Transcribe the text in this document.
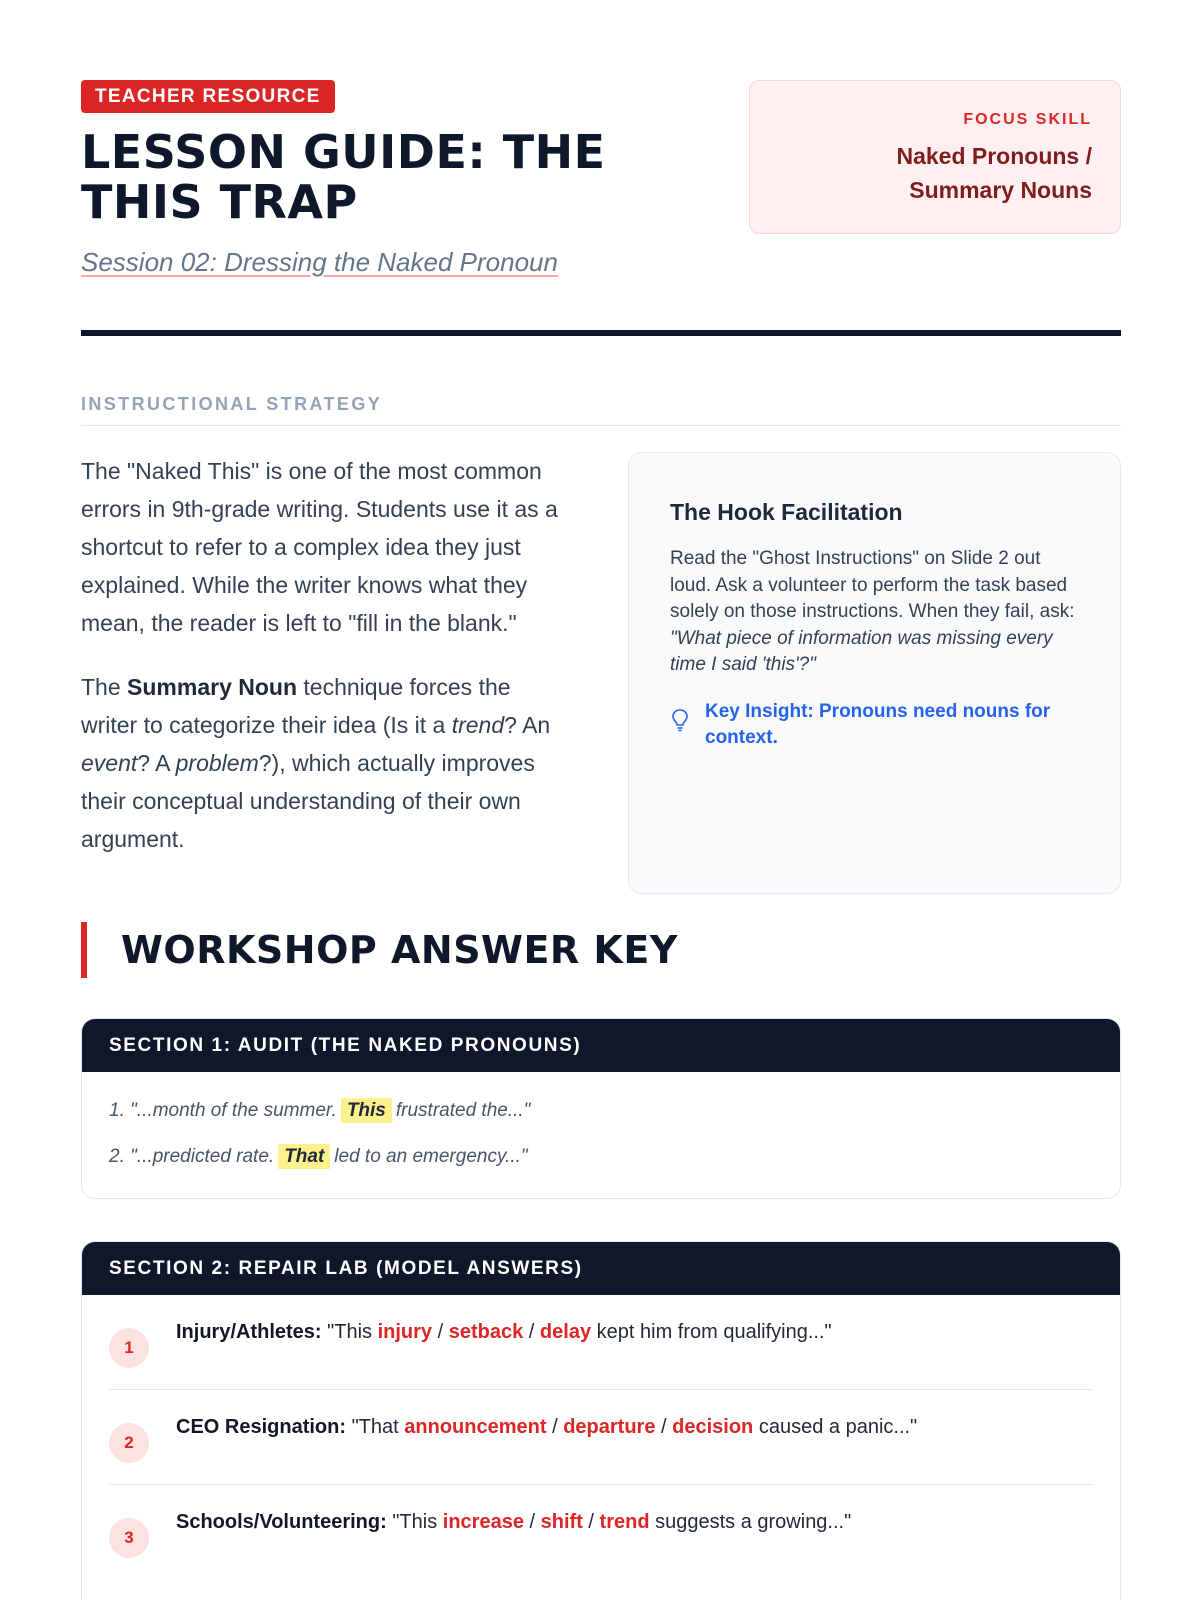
TEACHER RESOURCE
LESSON GUIDE: THE THIS TRAP
Session 02: Dressing the Naked Pronoun
FOCUS SKILL
Naked Pronouns /
Summary Nouns
INSTRUCTIONAL STRATEGY

The "Naked This" is one of the most common errors in 9th-grade writing. Students use it as a shortcut to refer to a complex idea they just explained. While the writer knows what they mean, the reader is left to "fill in the blank."

The Summary Noun technique forces the writer to categorize their idea (Is it a trend? An event? A problem?), which actually improves their conceptual understanding of their own argument.

The Hook Facilitation
Read the "Ghost Instructions" on Slide 2 out loud. Ask a volunteer to perform the task based solely on those instructions. When they fail, ask: "What piece of information was missing every time I said 'this'?"
Key Insight: Pronouns need nouns for context.
WORKSHOP ANSWER KEY
SECTION 1: AUDIT (THE NAKED PRONOUNS)
1. "...month of the summer. This frustrated the..."
2. "...predicted rate. That led to an emergency..."
SECTION 2: REPAIR LAB (MODEL ANSWERS)
1
Injury/Athletes: "This injury / setback / delay kept him from qualifying..."
2
CEO Resignation: "That announcement / departure / decision caused a panic..."
3
Schools/Volunteering: "This increase / shift / trend suggests a growing..."
